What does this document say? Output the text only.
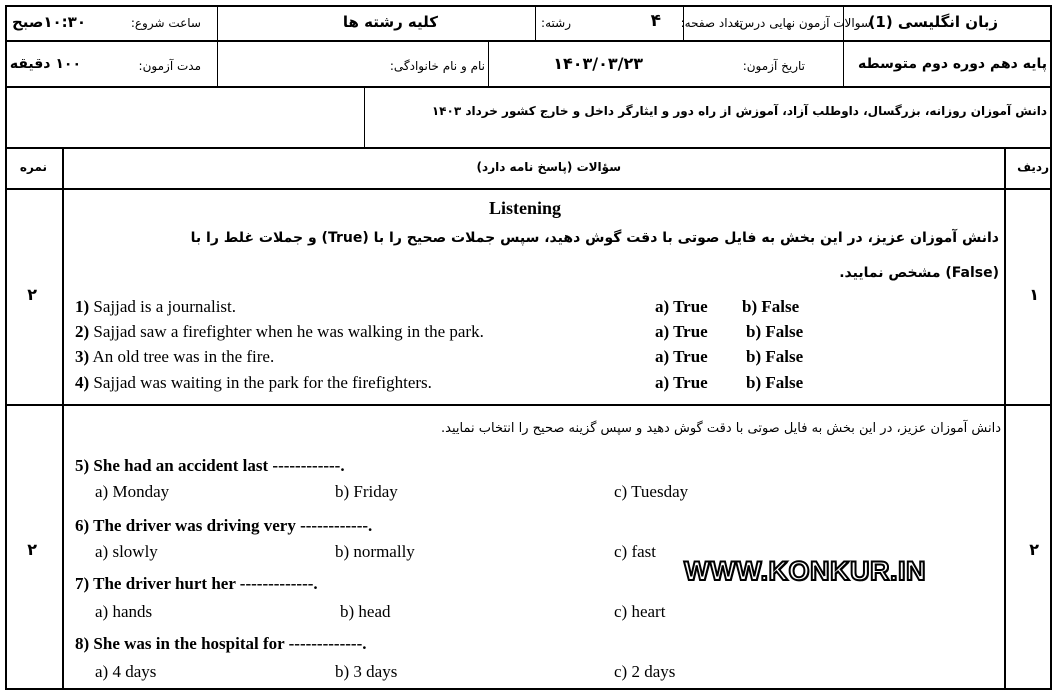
سوالات آزمون نهایی درس:
زبان انگلیسی (1)
تعداد صفحه:
۴
رشته:
کلیه رشته ها
ساعت شروع:
۱۰:۳۰صبح
پایه دهم دوره دوم متوسطه
تاریخ آزمون:
۱۴۰۳/۰۳/۲۳
نام و نام خانوادگی:
مدت آزمون:
۱۰۰ دقیقه
دانش آموزان روزانه، بزرگسال، داوطلب آزاد، آموزش از راه دور و ایثارگر داخل و خارج کشور خرداد ۱۴۰۳
ردیف
سؤالات (پاسخ نامه دارد)
نمره
۱
۲
Listening
دانش آموزان عزیز، در این بخش به فایل صوتی با دقت گوش دهید، سپس جملات صحیح را با (True) و جملات غلط را با
(False) مشخص نمایید.
1) Sajjad is a journalist.	a) True b) False
2) Sajjad saw a firefighter when he was walking in the park.	a) True b) False
3) An old tree was in the fire.	a) True b) False
4) Sajjad was waiting in the park for the firefighters.	a) True b) False
۲
۲
دانش آموزان عزیز، در این بخش به فایل صوتی با دقت گوش دهید و سپس گزینه صحیح را انتخاب نمایید.
5) She had an accident last ------------.
a) Monday	b) Friday	c) Tuesday
6) The driver was driving very ------------.
a) slowly	b) normally	c) fast
7) The driver hurt her -------------.
a) hands	b) head	c) heart
8) She was in the hospital for -------------.
a) 4 days	b) 3 days	c) 2 days
WWW.KONKUR.IN
